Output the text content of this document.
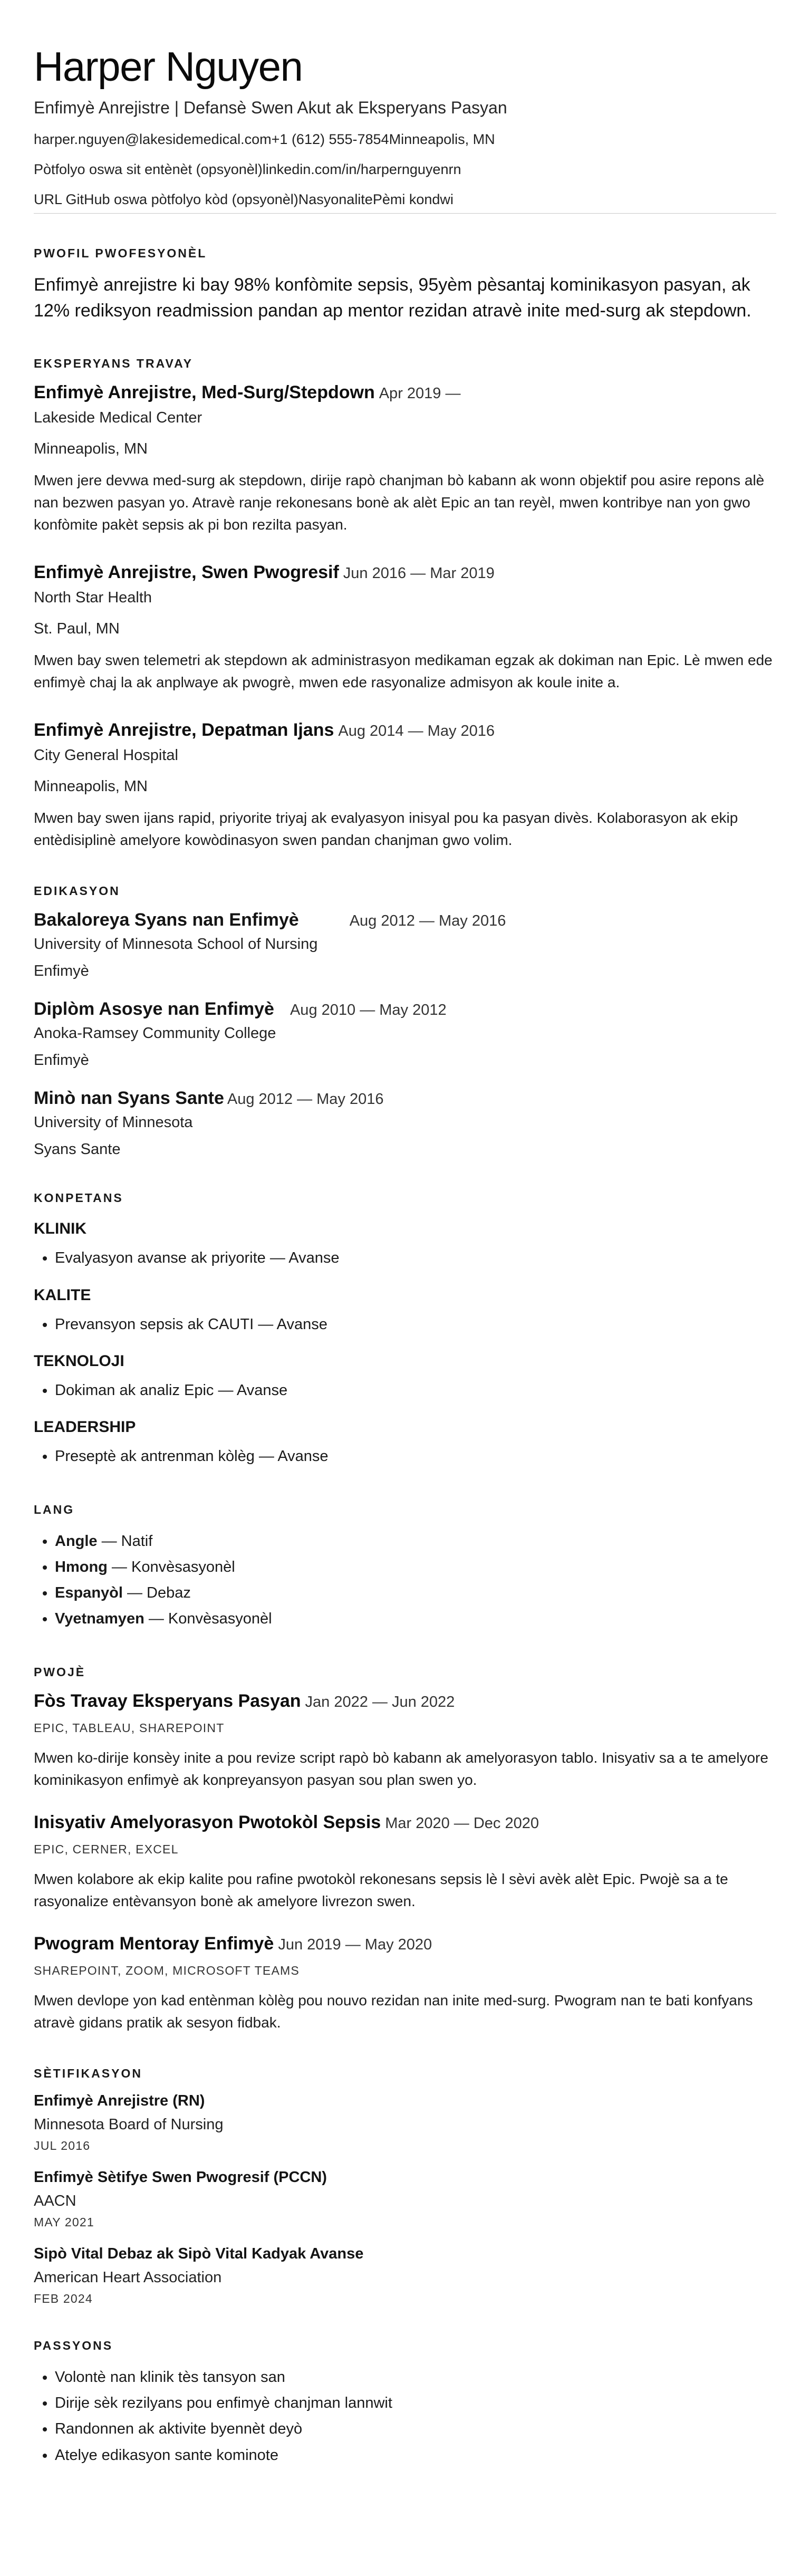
Harper Nguyen
Enfimyè Anrejistre | Defansè Swen Akut ak Eksperyans Pasyan
harper.nguyen@lakesidemedical.com +1 (612) 555-7854 Minneapolis, MN
Pòtfolyo oswa sit entènèt (opsyonèl) linkedin.com/in/harpernguyenrn
URL GitHub oswa pòtfolyo kòd (opsyonèl) Nasyonalite Pèmi kondwi
PWOFIL PWOFESYONÈL
Enfimyè anrejistre ki bay 98% konfòmite sepsis, 95yèm pèsantaj kominikasyon pasyan, ak 12% rediksyon readmission pandan ap mentor rezidan atravè inite med-surg ak stepdown.
EKSPERYANS TRAVAY
Enfimyè Anrejistre, Med-Surg/Stepdown Apr 2019 —
Lakeside Medical Center
Minneapolis, MN
Mwen jere devwa med-surg ak stepdown, dirije rapò chanjman bò kabann ak wonn objektif pou asire repons alè nan bezwen pasyan yo. Atravè ranje rekonesans bonè ak alèt Epic an tan reyèl, mwen kontribye nan yon gwo konfòmite pakèt sepsis ak pi bon rezilta pasyan.
Enfimyè Anrejistre, Swen Pwogresif Jun 2016 — Mar 2019
North Star Health
St. Paul, MN
Mwen bay swen telemetri ak stepdown ak administrasyon medikaman egzak ak dokiman nan Epic. Lè mwen ede enfimyè chaj la ak anplwaye ak pwogrè, mwen ede rasyonalize admisyon ak koule inite a.
Enfimyè Anrejistre, Depatman Ijans Aug 2014 — May 2016
City General Hospital
Minneapolis, MN
Mwen bay swen ijans rapid, priyorite triyaj ak evalyasyon inisyal pou ka pasyan divès. Kolaborasyon ak ekip entèdisiplinè amelyore kowòdinasyon swen pandan chanjman gwo volim.
EDIKASYON
Bakaloreya Syans nan Enfimyè	Aug 2012 — May 2016
University of Minnesota School of Nursing
Enfimyè
Diplòm Asosye nan Enfimyè Aug 2010 — May 2012
Anoka-Ramsey Community College
Enfimyè
Minò nan Syans Sante Aug 2012 — May 2016
University of Minnesota
Syans Sante
KONPETANS
KLINIK
• Evalyasyon avanse ak priyorite — Avanse
KALITE
• Prevansyon sepsis ak CAUTI — Avanse
TEKNOLOJI
• Dokiman ak analiz Epic — Avanse
LEADERSHIP
• Preseptè ak antrenman kòlèg — Avanse
LANG
• Angle — Natif
• Hmong — Konvèsasyonèl
• Espanyòl — Debaz
• Vyetnamyen — Konvèsasyonèl
PWOJÈ
Fòs Travay Eksperyans Pasyan Jan 2022 — Jun 2022
EPIC, TABLEAU, SHAREPOINT
Mwen ko-dirije konsèy inite a pou revize script rapò bò kabann ak amelyorasyon tablo. Inisyativ sa a te amelyore kominikasyon enfimyè ak konpreyansyon pasyan sou plan swen yo.
Inisyativ Amelyorasyon Pwotokòl Sepsis Mar 2020 — Dec 2020
EPIC, CERNER, EXCEL
Mwen kolabore ak ekip kalite pou rafine pwotokòl rekonesans sepsis lè l sèvi avèk alèt Epic. Pwojè sa a te rasyonalize entèvansyon bonè ak amelyore livrezon swen.
Pwogram Mentoray Enfimyè Jun 2019 — May 2020
SHAREPOINT, ZOOM, MICROSOFT TEAMS
Mwen devlope yon kad entènman kòlèg pou nouvo rezidan nan inite med-surg. Pwogram nan te bati konfyans atravè gidans pratik ak sesyon fidbak.
SÈTIFIKASYON
Enfimyè Anrejistre (RN)
Minnesota Board of Nursing
JUL 2016
Enfimyè Sètifye Swen Pwogresif (PCCN)
AACN
MAY 2021
Sipò Vital Debaz ak Sipò Vital Kadyak Avanse
American Heart Association
FEB 2024
PASSYONS
• Volontè nan klinik tès tansyon san
• Dirije sèk rezilyans pou enfimyè chanjman lannwit
• Randonnen ak aktivite byennèt deyò
• Atelye edikasyon sante kominote
